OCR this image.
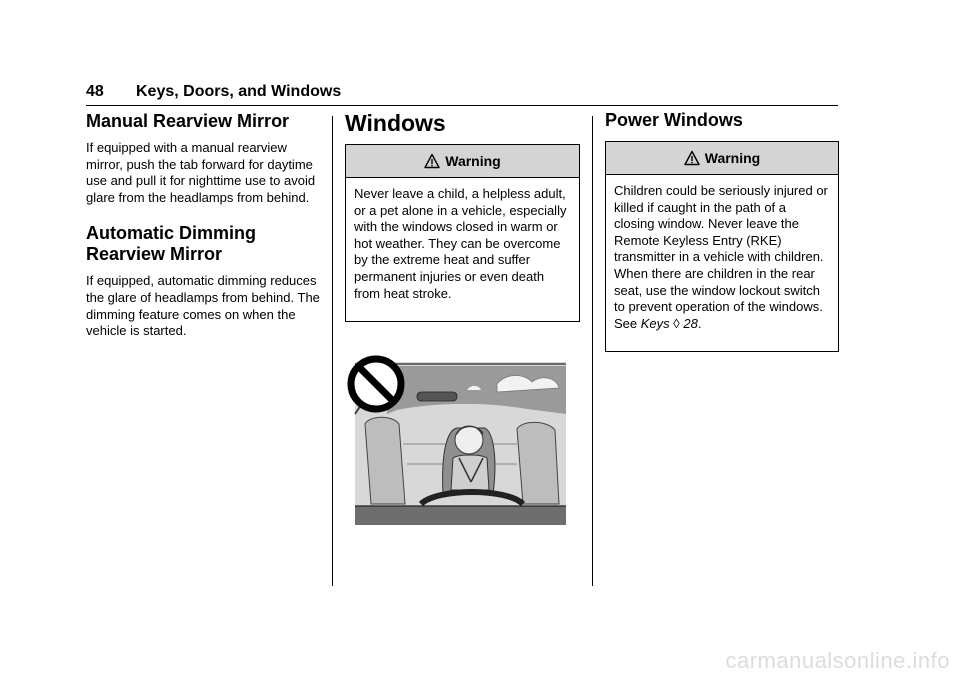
48 Keys, Doors, and Windows
Manual Rearview Mirror

If equipped with a manual rearview mirror, push the tab forward for daytime use and pull it for nighttime use to avoid glare from the headlamps from behind.

Automatic Dimming
Rearview Mirror

If equipped, automatic dimming reduces the glare of headlamps from behind. The dimming feature comes on when the vehicle is started.

Windows
Warning
Never leave a child, a helpless adult, or a pet alone in a vehicle, especially with the windows closed in warm or hot weather. They can be overcome by the extreme heat and suffer permanent injuries or even death from heat stroke.
Power Windows
Warning
Children could be seriously injured or killed if caught in the path of a closing window. Never leave the Remote Keyless Entry (RKE) transmitter in a vehicle with children. When there are children in the rear seat, use the window lockout switch to prevent operation of the windows. See Keys ◊ 28.
carmanualsonline.info
